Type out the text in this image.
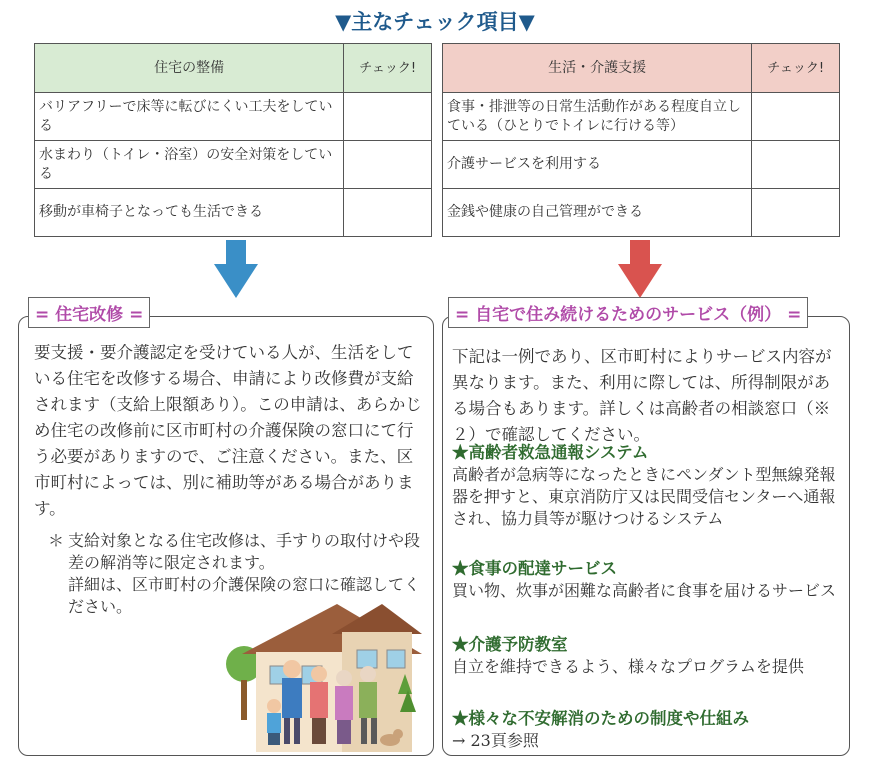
▼主なチェック項目▼
住宅の整備	チェック!
バリアフリーで床等に転びにくい工夫をしている	
水まわり（トイレ・浴室）の安全対策をしている	
移動が車椅子となっても生活できる	
生活・介護支援	チェック!
食事・排泄等の日常生活動作がある程度自立している（ひとりでトイレに行ける等）	
介護サービスを利用する	
金銭や健康の自己管理ができる	
= 住宅改修 =

要支援・要介護認定を受けている人が、生活をしている住宅を改修する場合、申請により改修費が支給されます（支給上限額あり）。この申請は、あらかじめ住宅の改修前に区市町村の介護保険の窓口にて行う必要がありますので、ご注意ください。また、区市町村によっては、別に補助等がある場合があります。

＊ 支給対象となる住宅改修は、手すりの取付けや段差の解消等に限定されます。
詳細は、区市町村の介護保険の窓口に確認してください。
= 自宅で住み続けるためのサービス（例） =

下記は一例であり、区市町村によりサービス内容が異なります。また、利用に際しては、所得制限がある場合もあります。詳しくは高齢者の相談窓口（※２）で確認してください。

★高齢者救急通報システム
高齢者が急病等になったときにペンダント型無線発報器を押すと、東京消防庁又は民間受信センターへ通報され、協力員等が駆けつけるシステム
★食事の配達サービス
買い物、炊事が困難な高齢者に食事を届けるサービス
★介護予防教室
自立を維持できるよう、様々なプログラムを提供
★様々な不安解消のための制度や仕組み
→ 23頁参照
